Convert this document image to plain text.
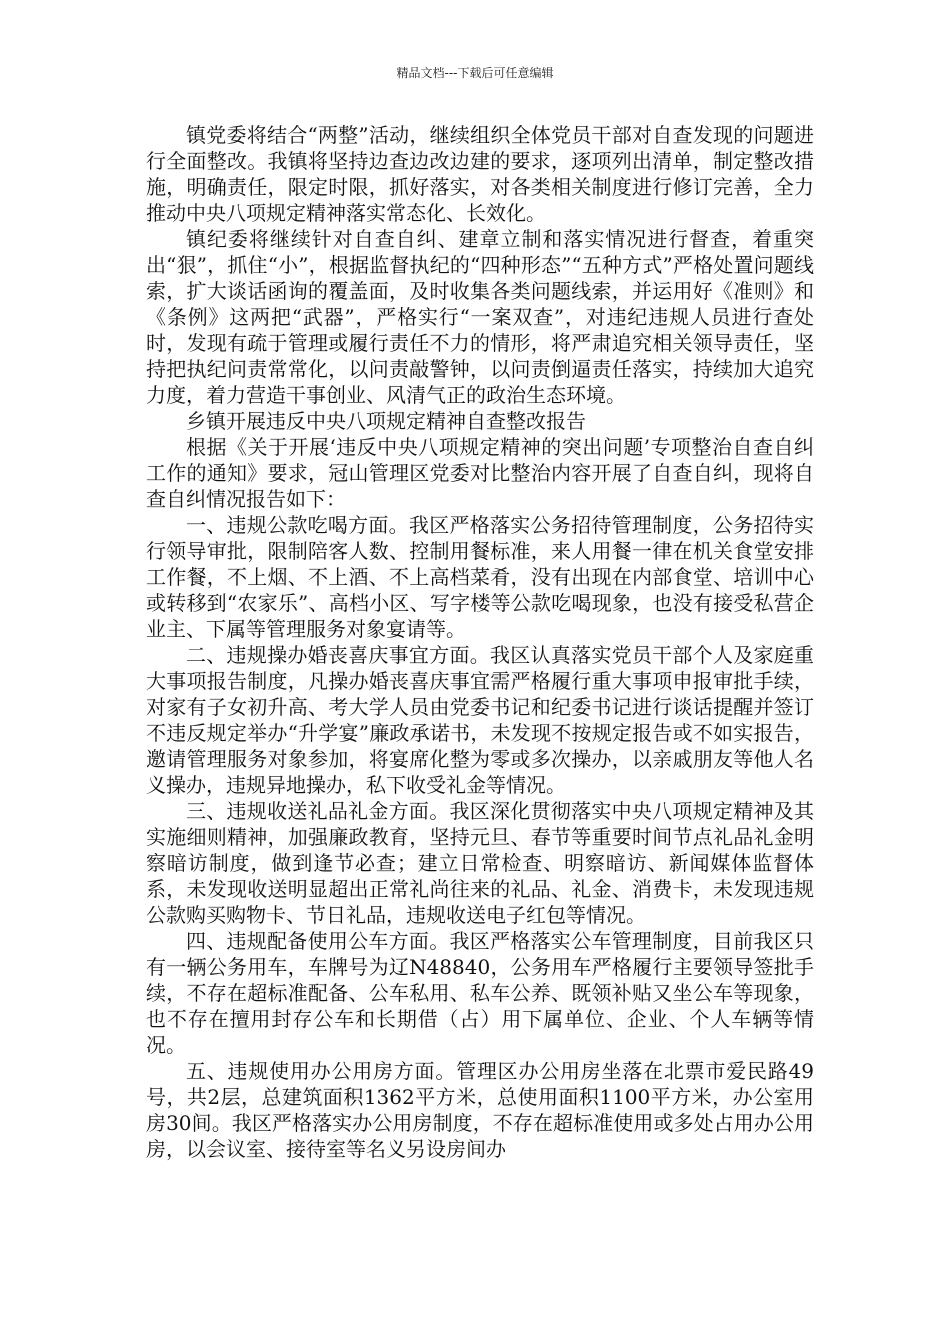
精品文档---下载后可任意编辑

镇党委将结合“两整”活动，继续组织全体党员干部对自查发现的问题进行全面整改。我镇将坚持边查边改边建的要求，逐项列出清单，制定整改措施，明确责任，限定时限，抓好落实，对各类相关制度进行修订完善，全力推动中央八项规定精神落实常态化、长效化。

镇纪委将继续针对自查自纠、建章立制和落实情况进行督查，着重突出“狠”，抓住“小”，根据监督执纪的“四种形态”“五种方式”严格处置问题线索，扩大谈话函询的覆盖面，及时收集各类问题线索，并运用好《准则》和《条例》这两把“武器”，严格实行“一案双查”，对违纪违规人员进行查处时，发现有疏于管理或履行责任不力的情形，将严肃追究相关领导责任，坚持把执纪问责常常化，以问责敲警钟，以问责倒逼责任落实，持续加大追究力度，着力营造干事创业、风清气正的政治生态环境。

乡镇开展违反中央八项规定精神自查整改报告

根据《关于开展‘违反中央八项规定精神的突出问题’专项整治自查自纠工作的通知》要求，冠山管理区党委对比整治内容开展了自查自纠，现将自查自纠情况报告如下：

一、违规公款吃喝方面。我区严格落实公务招待管理制度，公务招待实行领导审批，限制陪客人数、控制用餐标准，来人用餐一律在机关食堂安排工作餐，不上烟、不上酒、不上高档菜肴，没有出现在内部食堂、培训中心或转移到“农家乐”、高档小区、写字楼等公款吃喝现象，也没有接受私营企业主、下属等管理服务对象宴请等。

二、违规操办婚丧喜庆事宜方面。我区认真落实党员干部个人及家庭重大事项报告制度，凡操办婚丧喜庆事宜需严格履行重大事项申报审批手续，对家有子女初升高、考大学人员由党委书记和纪委书记进行谈话提醒并签订不违反规定举办“升学宴”廉政承诺书，未发现不按规定报告或不如实报告，邀请管理服务对象参加，将宴席化整为零或多次操办，以亲戚朋友等他人名义操办，违规异地操办，私下收受礼金等情况。

三、违规收送礼品礼金方面。我区深化贯彻落实中央八项规定精神及其实施细则精神，加强廉政教育，坚持元旦、春节等重要时间节点礼品礼金明察暗访制度，做到逢节必查；建立日常检查、明察暗访、新闻媒体监督体系，未发现收送明显超出正常礼尚往来的礼品、礼金、消费卡，未发现违规公款购买购物卡、节日礼品，违规收送电子红包等情况。

四、违规配备使用公车方面。我区严格落实公车管理制度，目前我区只有一辆公务用车，车牌号为辽N48840，公务用车严格履行主要领导签批手续，不存在超标准配备、公车私用、私车公养、既领补贴又坐公车等现象，也不存在擅用封存公车和长期借（占）用下属单位、企业、个人车辆等情况。

五、违规使用办公用房方面。管理区办公用房坐落在北票市爱民路49号，共2层，总建筑面积1362平方米，总使用面积1100平方米，办公室用房30间。我区严格落实办公用房制度，不存在超标准使用或多处占用办公用房，以会议室、接待室等名义另设房间办
